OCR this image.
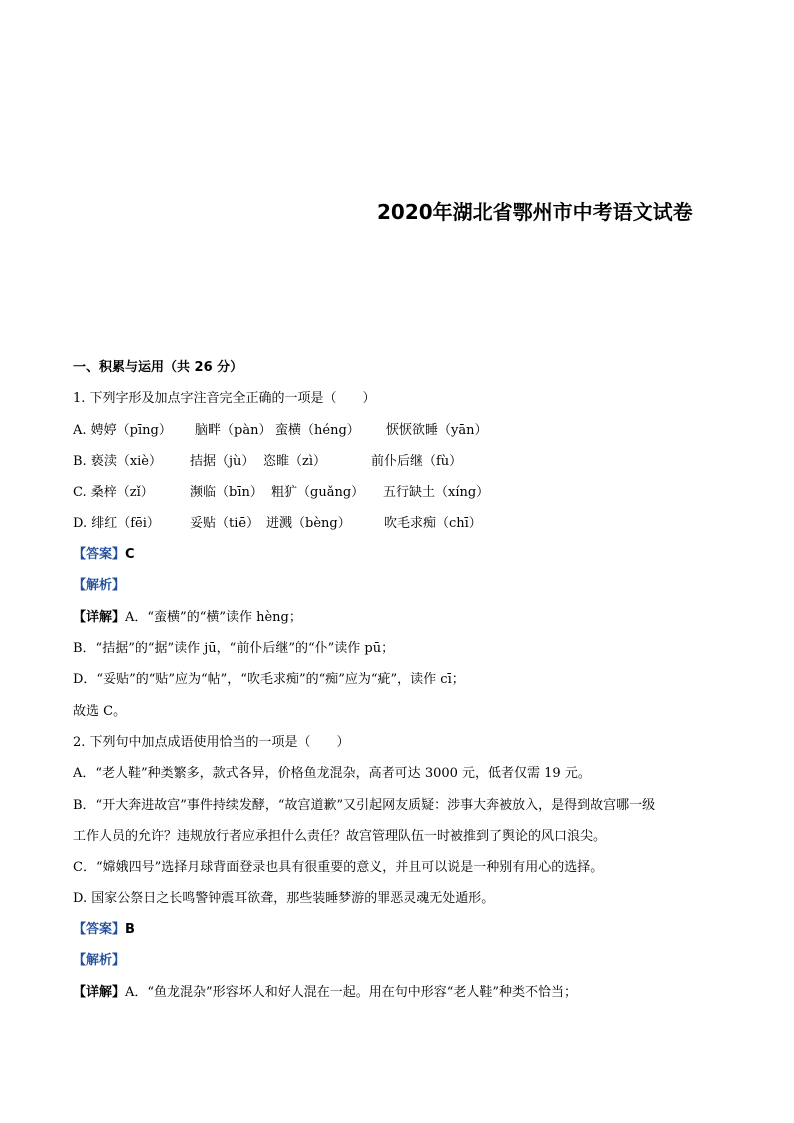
2020年湖北省鄂州市中考语文试卷
一、积累与运用（共 26 分）
1. 下列字形及加点字注音完全正确的一项是（　　）
A. 娉婷（pīng） 脑畔（pàn） 蛮横（héng） 恹恹欲睡（yān）
B. 亵渎（xiè） 拮据（jù） 恣睢（zì）	前仆后继（fù）
C. 桑梓（zǐ）	濒临（bīn） 粗犷（guǎng） 五行缺土（xíng）
D. 绯红（fēi） 妥贴（tiē） 迸溅（bèng）	吹毛求痴（chī）
【答案】C
【解析】
【详解】A．“蛮横”的“横”读作 hèng；
B．“拮据”的“据”读作 jū，“前仆后继”的“仆”读作 pū；
D．“妥贴”的“贴”应为“帖”，“吹毛求痴”的“痴”应为“疵”，读作 cī；
故选 C。
2. 下列句中加点成语使用恰当的一项是（　　）
A．“老人鞋”种类繁多，款式各异，价格鱼龙混杂，高者可达 3000 元，低者仅需 19 元。
B．“开大奔进故宫”事件持续发酵，“故宫道歉”又引起网友质疑：涉事大奔被放入，是得到故宫哪一级
工作人员的允许？违规放行者应承担什么责任？故宫管理队伍一时被推到了舆论的风口浪尖。
C．“嫦娥四号”选择月球背面登录也具有很重要的意义，并且可以说是一种别有用心的选择。
D. 国家公祭日之长鸣警钟震耳欲聋，那些装睡梦游的罪恶灵魂无处遁形。
【答案】B
【解析】
【详解】A．“鱼龙混杂”形容坏人和好人混在一起。用在句中形容“老人鞋”种类不恰当；
